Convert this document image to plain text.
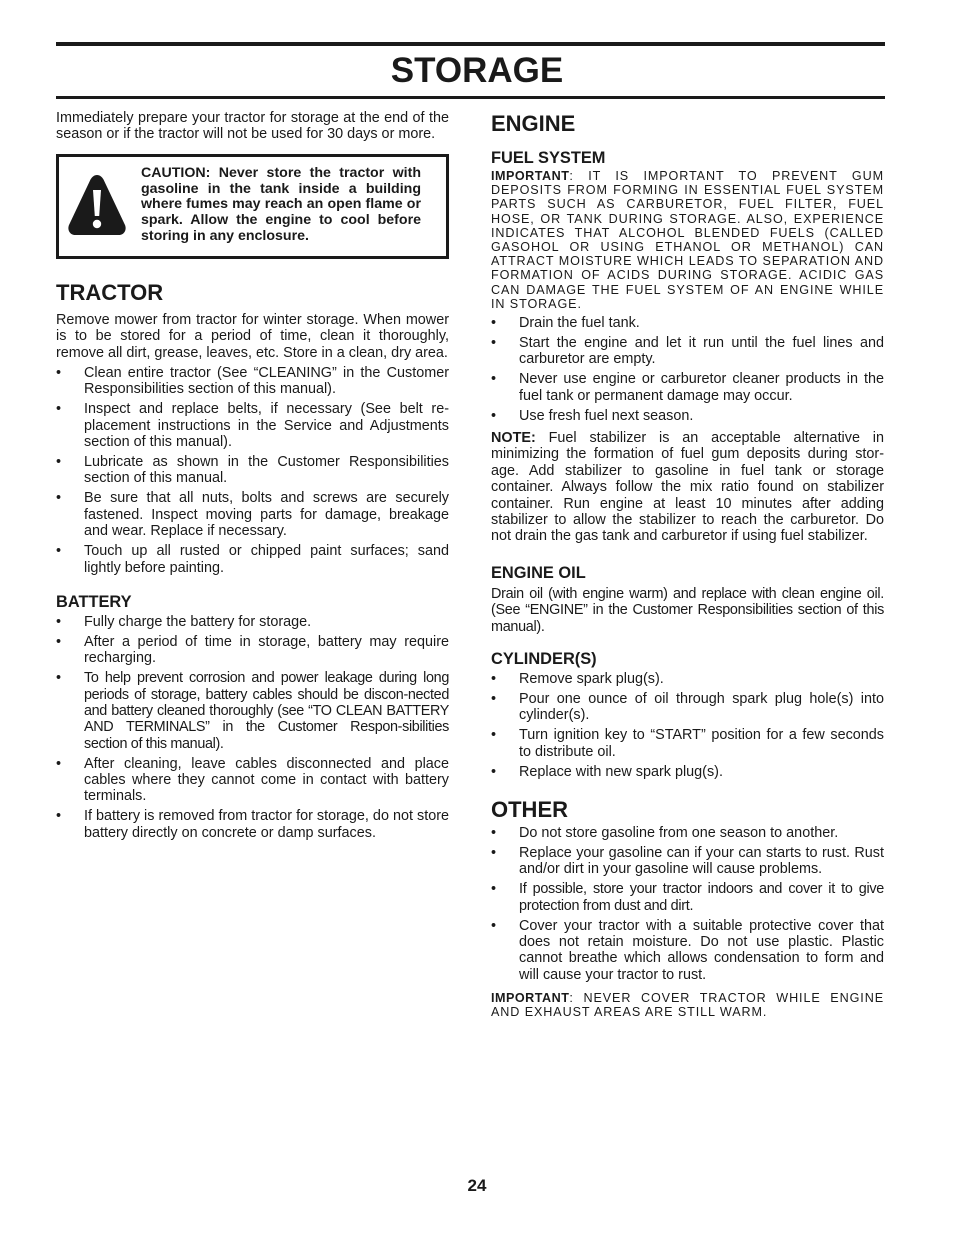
STORAGE

Immediately prepare your tractor for storage at the end of the season or if the tractor will not be used for 30 days or more.

CAUTION: Never store the tractor with gasoline in the tank inside a building where fumes may reach an open flame or spark. Allow the engine to cool before storing in any enclosure.
TRACTOR

Remove mower from tractor for winter storage. When mower is to be stored for a period of time, clean it thoroughly, remove all dirt, grease, leaves, etc. Store in a clean, dry area.

• Clean entire tractor (See “CLEANING” in the Customer Responsibilities section of this manual).
• Inspect and replace belts, if necessary (See belt re-placement instructions in the Service and Adjustments section of this manual).
• Lubricate as shown in the Customer Responsibilities section of this manual.
• Be sure that all nuts, bolts and screws are securely fastened. Inspect moving parts for damage, breakage and wear. Replace if necessary.
• Touch up all rusted or chipped paint surfaces; sand lightly before painting.
BATTERY
• Fully charge the battery for storage.
• After a period of time in storage, battery may require recharging.
• To help prevent corrosion and power leakage during long periods of storage, battery cables should be discon-nected and battery cleaned thoroughly (see “TO CLEAN BATTERY AND TERMINALS” in the Customer Respon-sibilities section of this manual).
• After cleaning, leave cables disconnected and place cables where they cannot come in contact with battery terminals.
• If battery is removed from tractor for storage, do not store battery directly on concrete or damp surfaces.
ENGINE
FUEL SYSTEM

IMPORTANT: IT IS IMPORTANT TO PREVENT GUM DEPOSITS FROM FORMING IN ESSENTIAL FUEL SYSTEM PARTS SUCH AS CARBURETOR, FUEL FILTER, FUEL HOSE, OR TANK DURING STORAGE. ALSO, EXPERIENCE INDICATES THAT ALCOHOL BLENDED FUELS (CALLED GASOHOL OR USING ETHANOL OR METHANOL) CAN ATTRACT MOISTURE WHICH LEADS TO SEPARATION AND FORMATION OF ACIDS DURING STORAGE. ACIDIC GAS CAN DAMAGE THE FUEL SYSTEM OF AN ENGINE WHILE IN STORAGE.

• Drain the fuel tank.
• Start the engine and let it run until the fuel lines and carburetor are empty.
• Never use engine or carburetor cleaner products in the fuel tank or permanent damage may occur.
• Use fresh fuel next season.

NOTE: Fuel stabilizer is an acceptable alternative in minimizing the formation of fuel gum deposits during stor-age. Add stabilizer to gasoline in fuel tank or storage container. Always follow the mix ratio found on stabilizer container. Run engine at least 10 minutes after adding stabilizer to allow the stabilizer to reach the carburetor. Do not drain the gas tank and carburetor if using fuel stabilizer.

ENGINE OIL

Drain oil (with engine warm) and replace with clean engine oil. (See “ENGINE” in the Customer Responsibilities section of this manual).

CYLINDER(S)
• Remove spark plug(s).
• Pour one ounce of oil through spark plug hole(s) into cylinder(s).
• Turn ignition key to “START” position for a few seconds to distribute oil.
• Replace with new spark plug(s).
OTHER
• Do not store gasoline from one season to another.
• Replace your gasoline can if your can starts to rust. Rust and/or dirt in your gasoline will cause problems.
• If possible, store your tractor indoors and cover it to give protection from dust and dirt.
• Cover your tractor with a suitable protective cover that does not retain moisture. Do not use plastic. Plastic cannot breathe which allows condensation to form and will cause your tractor to rust.

IMPORTANT: NEVER COVER TRACTOR WHILE ENGINE AND EXHAUST AREAS ARE STILL WARM.

24
